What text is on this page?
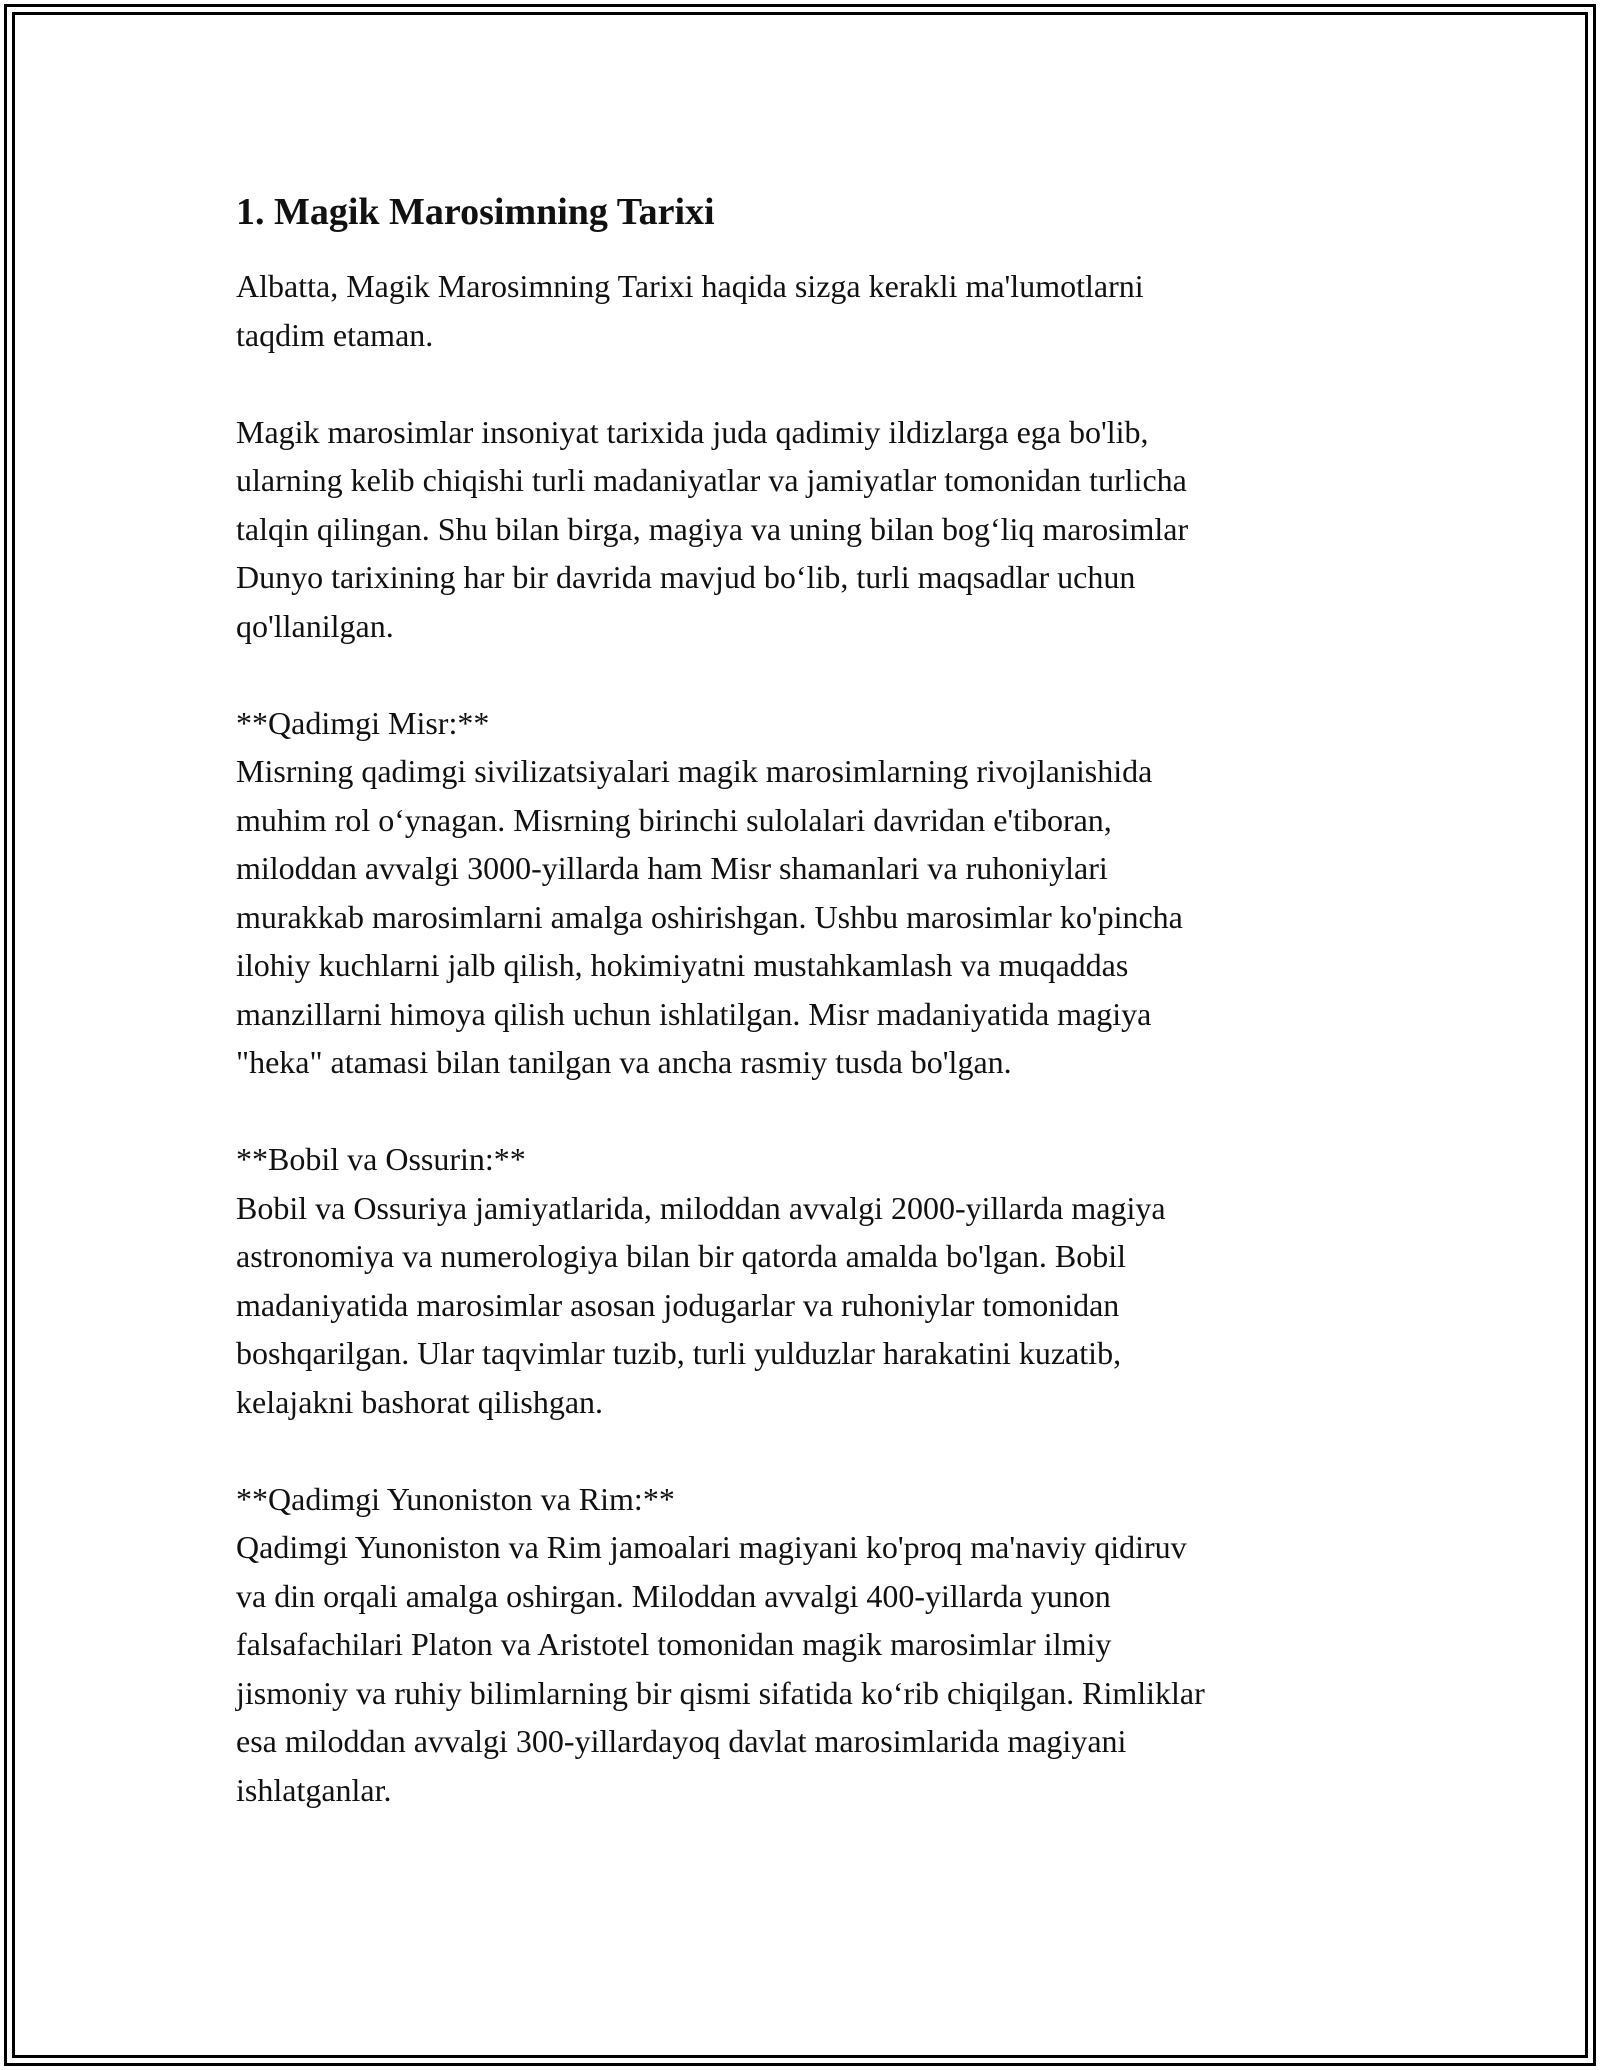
1. Magik Marosimning Tarixi
Albatta, Magik Marosimning Tarixi haqida sizga kerakli ma'lumotlarni
taqdim etaman.
Magik marosimlar insoniyat tarixida juda qadimiy ildizlarga ega bo'lib,
ularning kelib chiqishi turli madaniyatlar va jamiyatlar tomonidan turlicha
talqin qilingan. Shu bilan birga, magiya va uning bilan bog‘liq marosimlar
Dunyo tarixining har bir davrida mavjud bo‘lib, turli maqsadlar uchun
qo'llanilgan.
**Qadimgi Misr:**
Misrning qadimgi sivilizatsiyalari magik marosimlarning rivojlanishida
muhim rol o‘ynagan. Misrning birinchi sulolalari davridan e'tiboran,
miloddan avvalgi 3000-yillarda ham Misr shamanlari va ruhoniylari
murakkab marosimlarni amalga oshirishgan. Ushbu marosimlar ko'pincha
ilohiy kuchlarni jalb qilish, hokimiyatni mustahkamlash va muqaddas
manzillarni himoya qilish uchun ishlatilgan. Misr madaniyatida magiya
"heka" atamasi bilan tanilgan va ancha rasmiy tusda bo'lgan.
**Bobil va Ossurin:**
Bobil va Ossuriya jamiyatlarida, miloddan avvalgi 2000-yillarda magiya
astronomiya va numerologiya bilan bir qatorda amalda bo'lgan. Bobil
madaniyatida marosimlar asosan jodugarlar va ruhoniylar tomonidan
boshqarilgan. Ular taqvimlar tuzib, turli yulduzlar harakatini kuzatib,
kelajakni bashorat qilishgan.
**Qadimgi Yunoniston va Rim:**
Qadimgi Yunoniston va Rim jamoalari magiyani ko'proq ma'naviy qidiruv
va din orqali amalga oshirgan. Miloddan avvalgi 400-yillarda yunon
falsafachilari Platon va Aristotel tomonidan magik marosimlar ilmiy
jismoniy va ruhiy bilimlarning bir qismi sifatida ko‘rib chiqilgan. Rimliklar
esa miloddan avvalgi 300-yillardayoq davlat marosimlarida magiyani
ishlatganlar.
